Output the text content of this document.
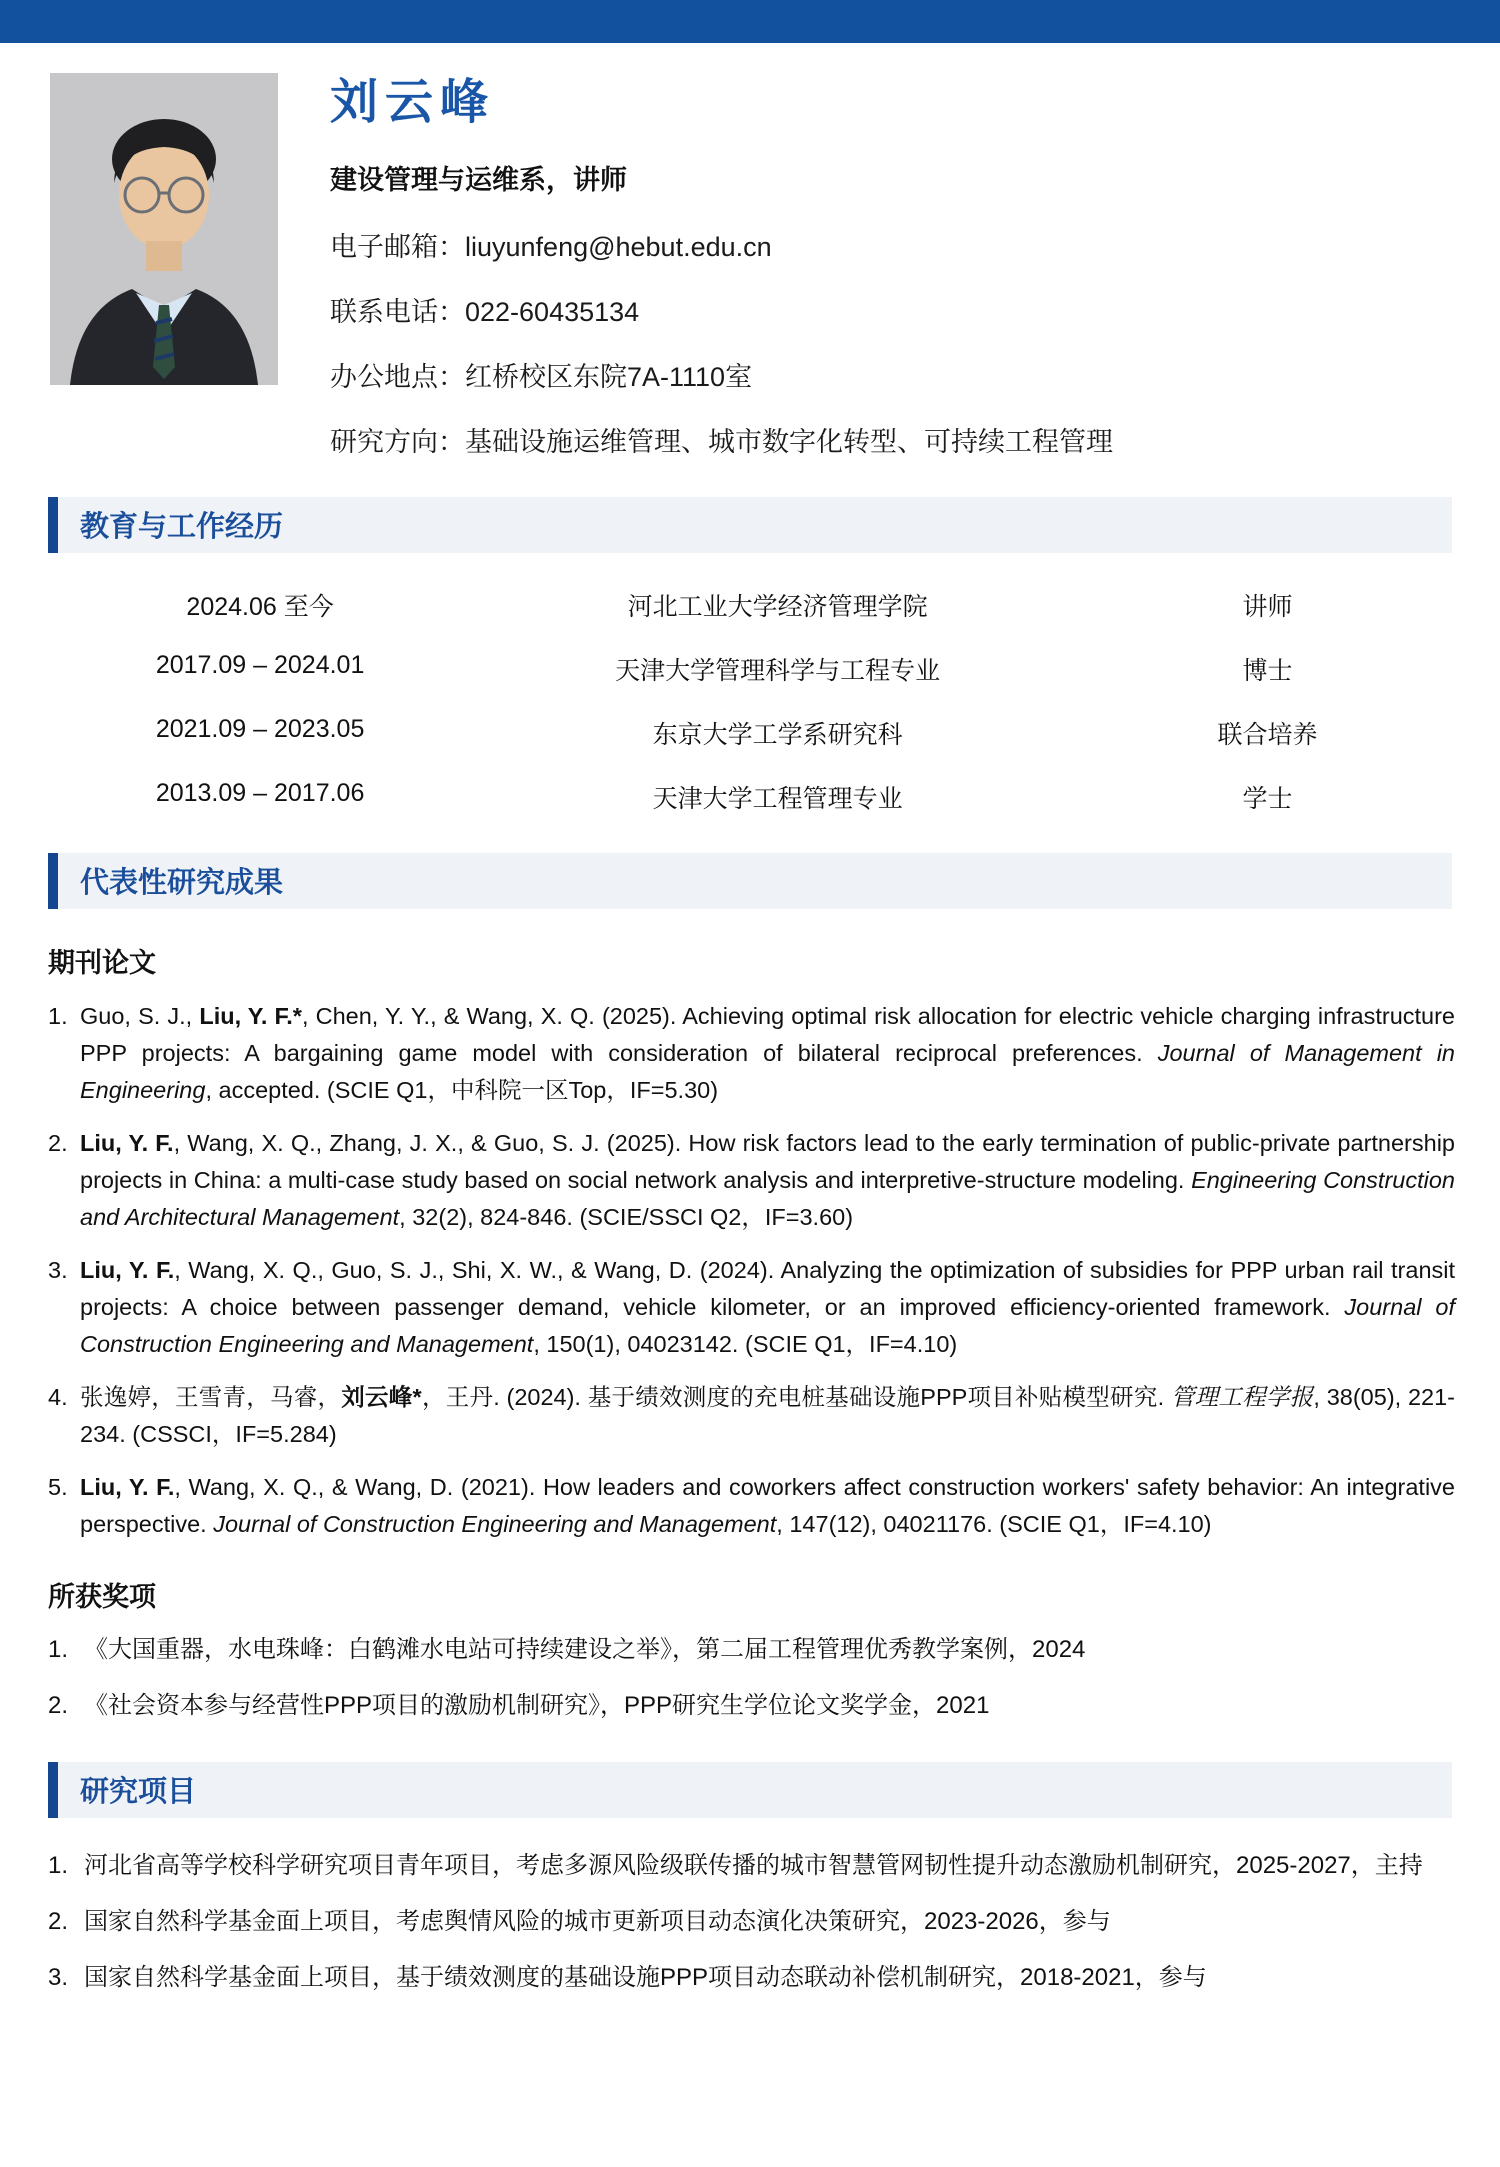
刘云峰
建设管理与运维系，讲师
电子邮箱：liuyunfeng@hebut.edu.cn
联系电话：022-60435134
办公地点：红桥校区东院7A-1110室
研究方向：基础设施运维管理、城市数字化转型、可持续工程管理
教育与工作经历
2024.06 至今	河北工业大学经济管理学院	讲师
2017.09 – 2024.01	天津大学管理科学与工程专业	博士
2021.09 – 2023.05	东京大学工学系研究科	联合培养
2013.09 – 2017.06	天津大学工程管理专业	学士
代表性研究成果
期刊论文
1. Guo, S. J., Liu, Y. F.*, Chen, Y. Y., & Wang, X. Q. (2025). Achieving optimal risk allocation for electric vehicle charging infrastructure PPP projects: A bargaining game model with consideration of bilateral reciprocal preferences. Journal of Management in Engineering, accepted. (SCIE Q1，中科院一区Top，IF=5.30)
2. Liu, Y. F., Wang, X. Q., Zhang, J. X., & Guo, S. J. (2025). How risk factors lead to the early termination of public-private partnership projects in China: a multi-case study based on social network analysis and interpretive-structure modeling. Engineering Construction and Architectural Management, 32(2), 824-846. (SCIE/SSCI Q2，IF=3.60)
3. Liu, Y. F., Wang, X. Q., Guo, S. J., Shi, X. W., & Wang, D. (2024). Analyzing the optimization of subsidies for PPP urban rail transit projects: A choice between passenger demand, vehicle kilometer, or an improved efficiency-oriented framework. Journal of Construction Engineering and Management, 150(1), 04023142. (SCIE Q1，IF=4.10)
4. 张逸婷，王雪青，马睿，刘云峰*，王丹. (2024). 基于绩效测度的充电桩基础设施PPP项目补贴模型研究. 管理工程学报, 38(05), 221-234. (CSSCI，IF=5.284)
5. Liu, Y. F., Wang, X. Q., & Wang, D. (2021). How leaders and coworkers affect construction workers' safety behavior: An integrative perspective. Journal of Construction Engineering and Management, 147(12), 04021176. (SCIE Q1，IF=4.10)
所获奖项
1. 《大国重器，水电珠峰：白鹤滩水电站可持续建设之举》，第二届工程管理优秀教学案例，2024
2. 《社会资本参与经营性PPP项目的激励机制研究》，PPP研究生学位论文奖学金，2021
研究项目
1. 河北省高等学校科学研究项目青年项目，考虑多源风险级联传播的城市智慧管网韧性提升动态激励机制研究，2025-2027，主持
2. 国家自然科学基金面上项目，考虑舆情风险的城市更新项目动态演化决策研究，2023-2026，参与
3. 国家自然科学基金面上项目，基于绩效测度的基础设施PPP项目动态联动补偿机制研究，2018-2021，参与
